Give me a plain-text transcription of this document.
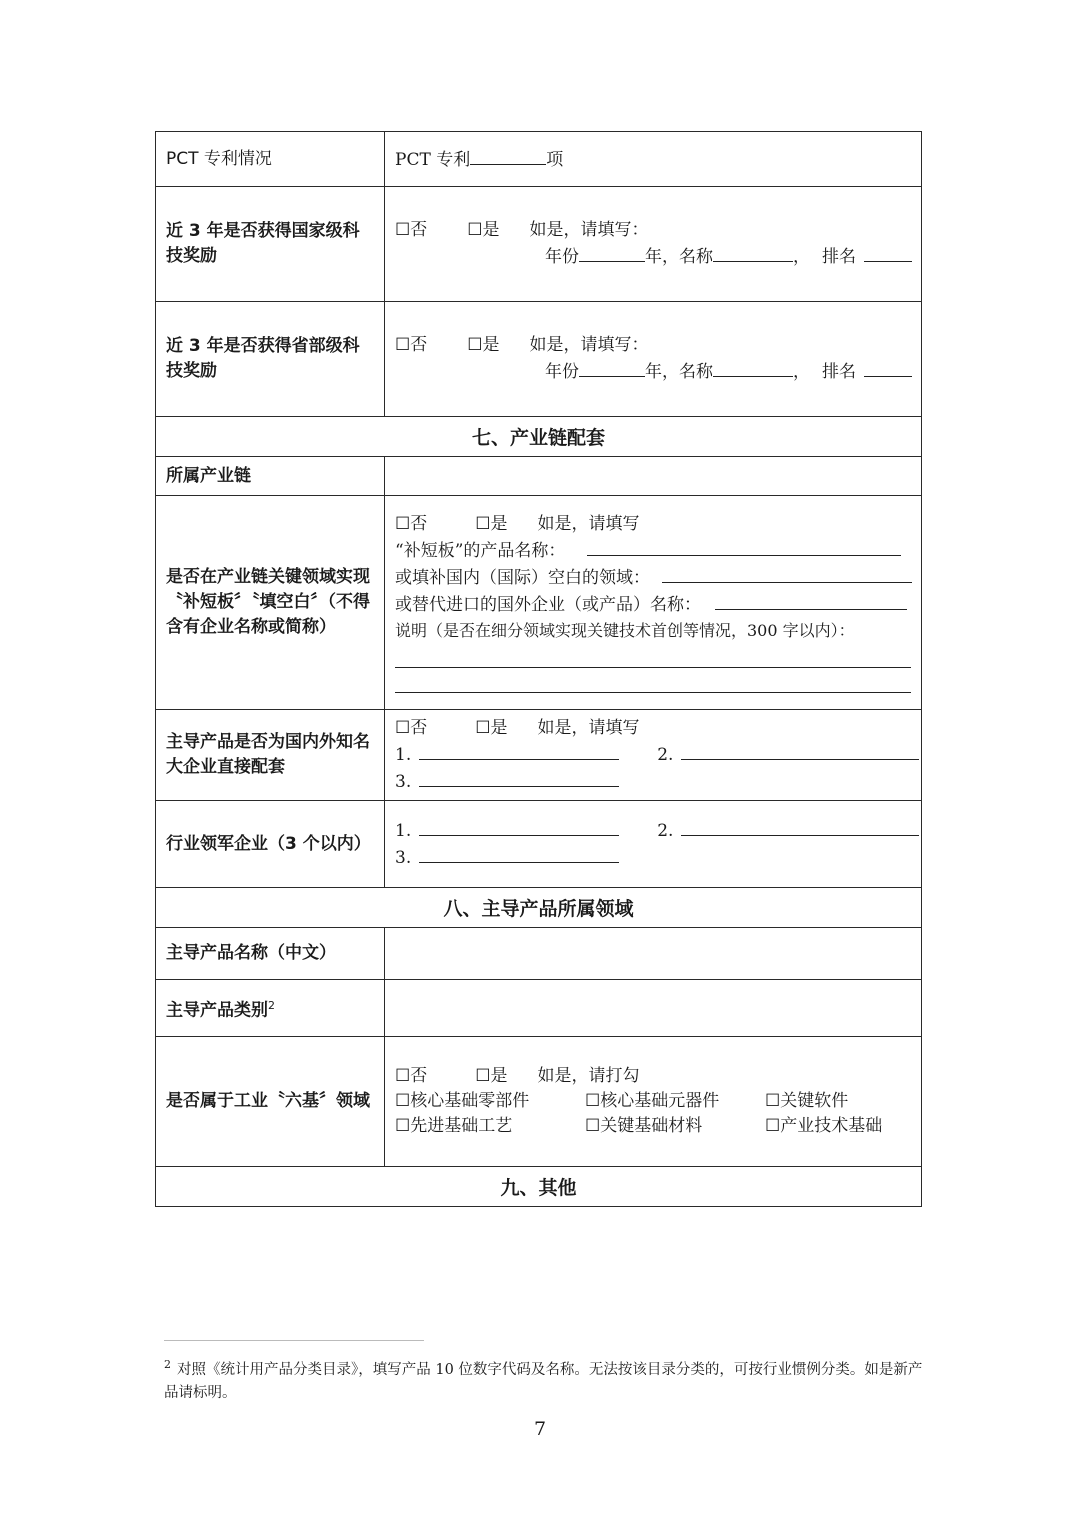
PCT 专利情况	PCT 专利 项
近 3 年是否获得国家级科技奖励	☐否 ☐是 如是，请填写：
年份 年，名称 ， 排名

近 3 年是否获得省部级科技奖励	☐否 ☐是 如是，请填写：
年份 年，名称 ， 排名

七、产业链配套	
所属产业链	
是否在产业链关键领域实现〝补短板〞〝填空白〞（不得含有企业名称或简称）	☐否 ☐是 如是，请填写
“补短板”的产品名称：
或填补国内（国际）空白的领域：
或替代进口的国外企业（或产品）名称：
说明（是否在细分领域实现关键技术首创等情况，300 字以内）：

主导产品是否为国内外知名大企业直接配套	☐否 ☐是 如是，请填写
1. 2.
3.

行业领军企业（3 个以内）	1. 2.
3.

八、主导产品所属领域	
主导产品名称（中文）	
主导产品类别$^2$	
是否属于工业〝六基〞领域	☐否 ☐是 如是，请打勾
☐核心基础零部件 ☐核心基础元器件 ☐关键软件
☐先进基础工艺 ☐关键基础材料 ☐产业技术基础

九、其他	
$^2$ 对照《统计用产品分类目录》，填写产品 10 位数字代码及名称。无法按该目录分类的，可按行业惯例分类。如是新产品请标明。
7
